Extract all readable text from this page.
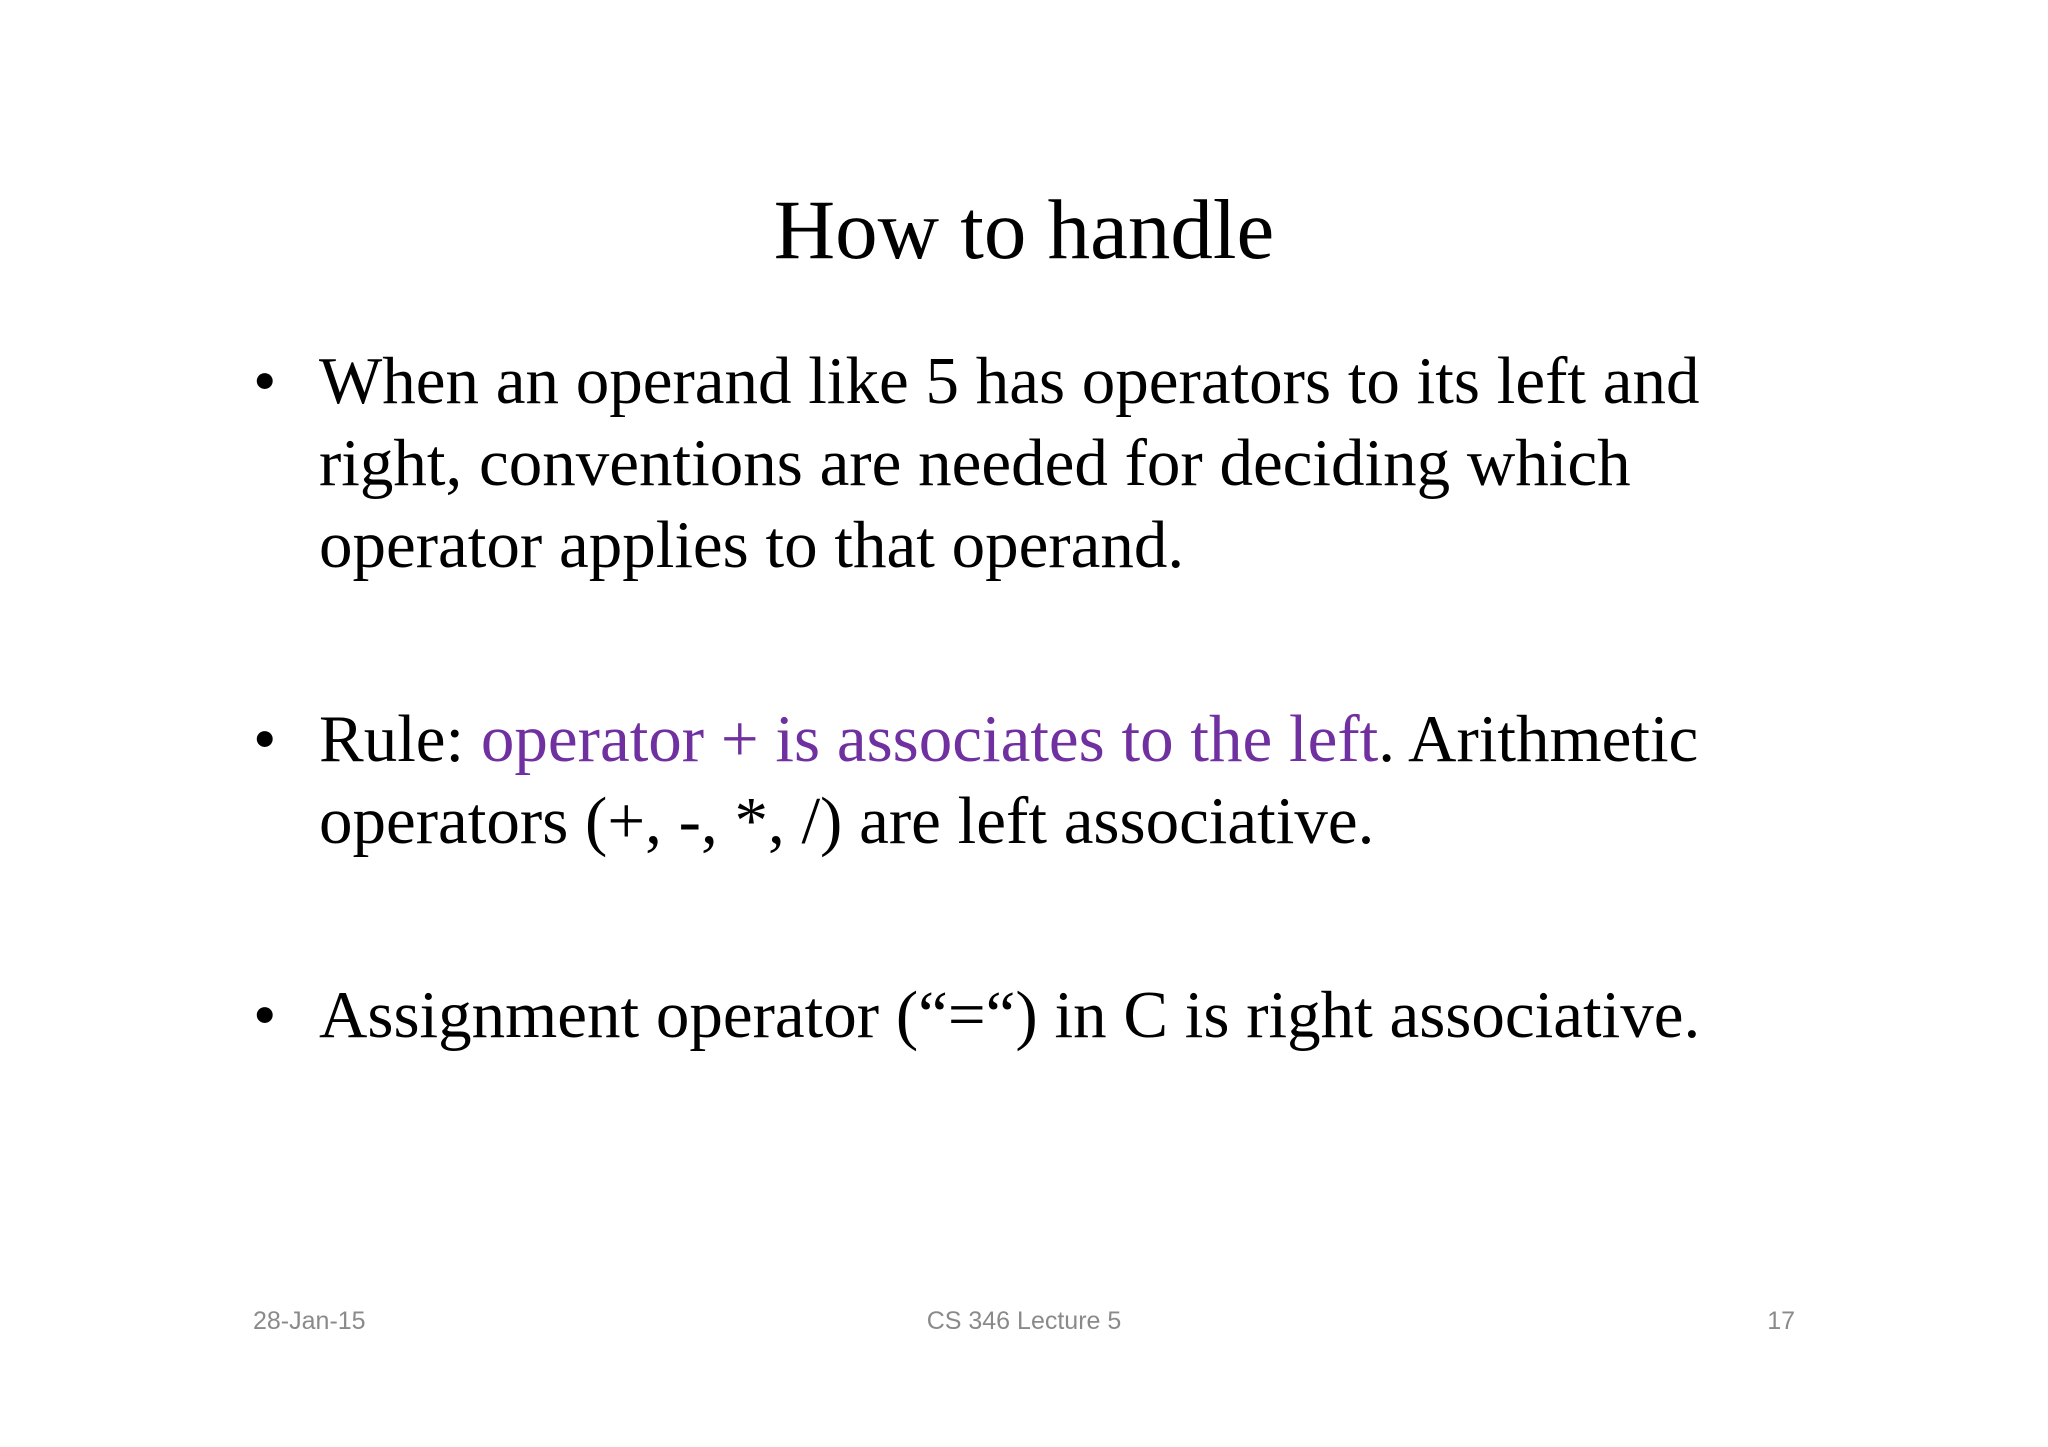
How to handle
• When an operand like 5 has operators to its left and right, conventions are needed for deciding which operator applies to that operand.
• Rule: operator + is associates to the left. Arithmetic operators (+, -, *, /) are left associative.
• Assignment operator (“=“) in C is right associative.
28-Jan-15	CS 346 Lecture 5	17
